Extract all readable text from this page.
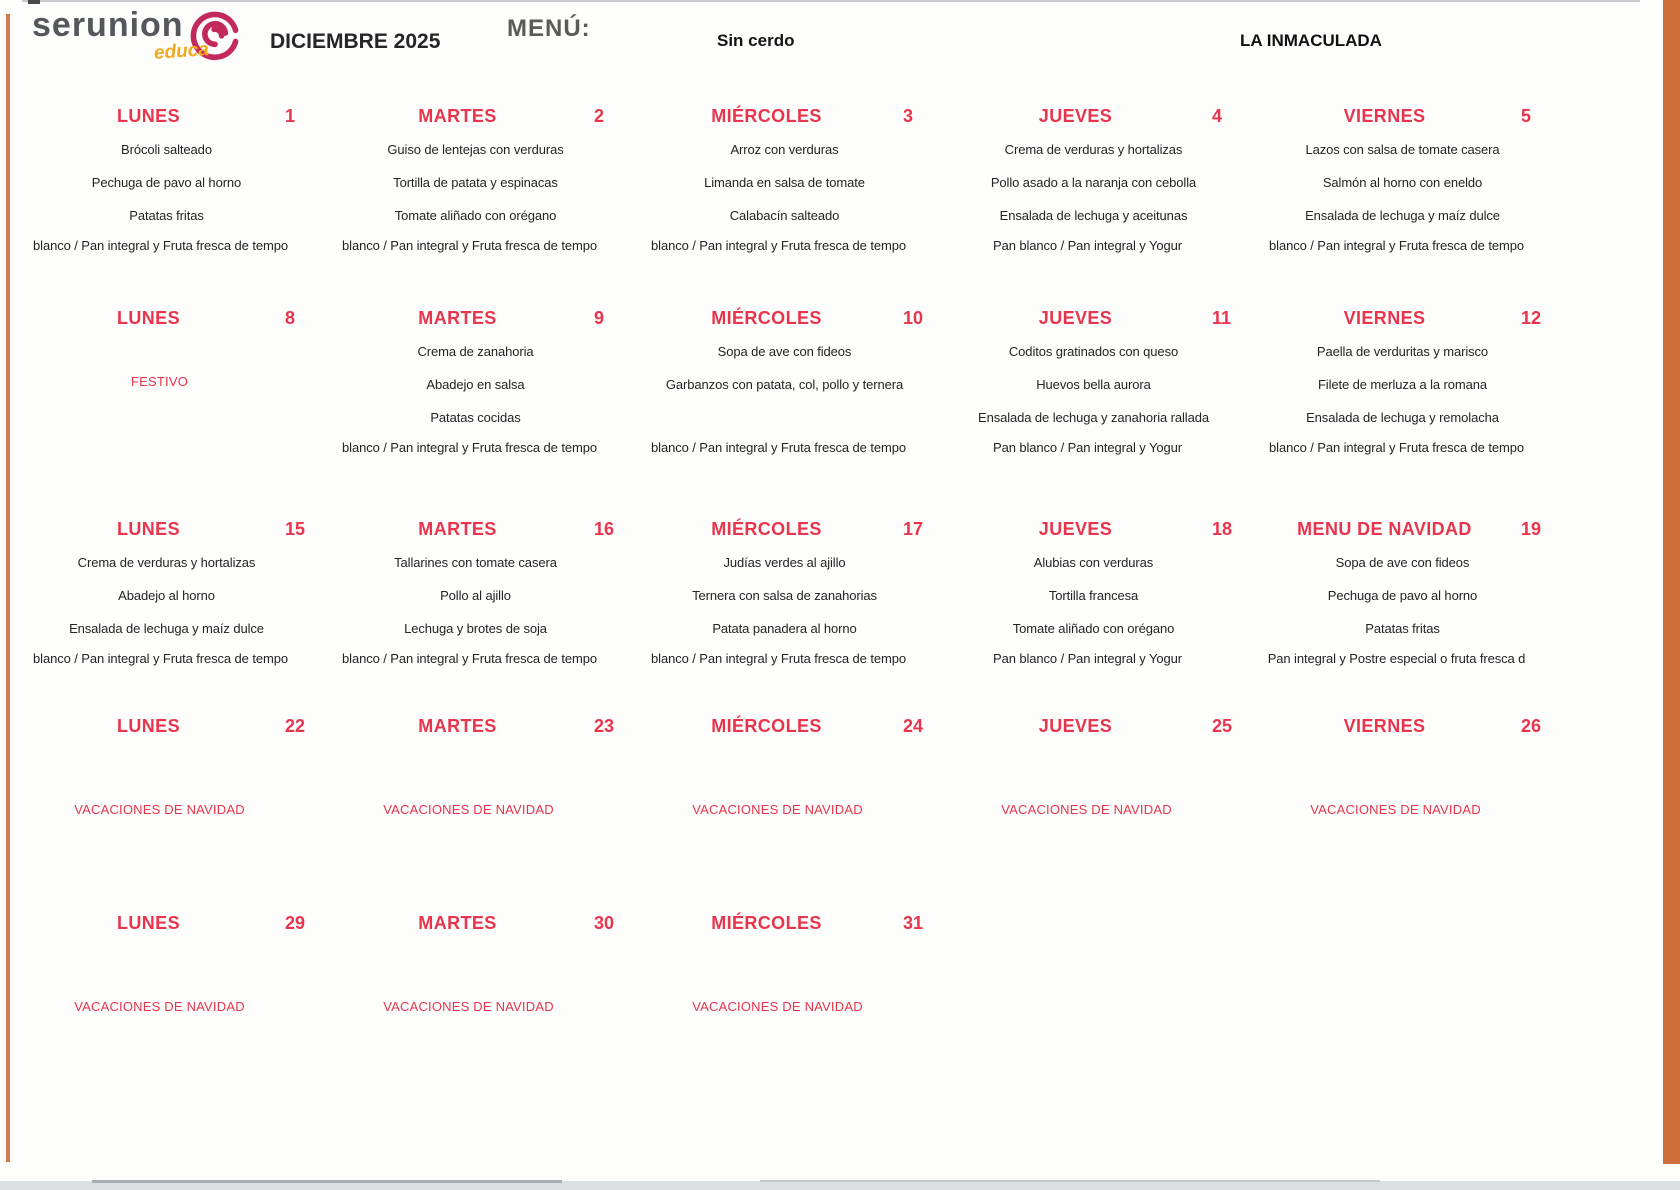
serunion
educa	DICIEMBRE 2025	MENÚ:	Sin cerdo	LA INMACULADA
LUNES	1
Brócoli salteado
Pechuga de pavo al horno
Patatas fritas
blanco / Pan integral y Fruta fresca de tempo
MARTES	2
Guiso de lentejas con verduras
Tortilla de patata y espinacas
Tomate aliñado con orégano
blanco / Pan integral y Fruta fresca de tempo
MIÉRCOLES	3
Arroz con verduras
Limanda en salsa de tomate
Calabacín salteado
blanco / Pan integral y Fruta fresca de tempo
JUEVES	4
Crema de verduras y hortalizas
Pollo asado a la naranja con cebolla
Ensalada de lechuga y aceitunas
Pan blanco / Pan integral y Yogur
VIERNES	5
Lazos con salsa de tomate casera
Salmón al horno con eneldo
Ensalada de lechuga y maíz dulce
blanco / Pan integral y Fruta fresca de tempo
LUNES	8
FESTIVO
MARTES	9
Crema de zanahoria
Abadejo en salsa
Patatas cocidas
blanco / Pan integral y Fruta fresca de tempo
MIÉRCOLES	10
Sopa de ave con fideos
Garbanzos con patata, col, pollo y ternera
blanco / Pan integral y Fruta fresca de tempo
JUEVES	11
Coditos gratinados con queso
Huevos bella aurora
Ensalada de lechuga y zanahoria rallada
Pan blanco / Pan integral y Yogur
VIERNES	12
Paella de verduritas y marisco
Filete de merluza a la romana
Ensalada de lechuga y remolacha
blanco / Pan integral y Fruta fresca de tempo
LUNES	15
Crema de verduras y hortalizas
Abadejo al horno
Ensalada de lechuga y maíz dulce
blanco / Pan integral y Fruta fresca de tempo
MARTES	16
Tallarines con tomate casera
Pollo al ajillo
Lechuga y brotes de soja
blanco / Pan integral y Fruta fresca de tempo
MIÉRCOLES	17
Judías verdes al ajillo
Ternera con salsa de zanahorias
Patata panadera al horno
blanco / Pan integral y Fruta fresca de tempo
JUEVES	18
Alubias con verduras
Tortilla francesa
Tomate aliñado con orégano
Pan blanco / Pan integral y Yogur
MENU DE NAVIDAD	19
Sopa de ave con fideos
Pechuga de pavo al horno
Patatas fritas
Pan integral y Postre especial o fruta fresca d
LUNES	22
VACACIONES DE NAVIDAD
MARTES	23
VACACIONES DE NAVIDAD
MIÉRCOLES	24
VACACIONES DE NAVIDAD
JUEVES	25
VACACIONES DE NAVIDAD
VIERNES	26
VACACIONES DE NAVIDAD
LUNES	29
VACACIONES DE NAVIDAD
MARTES	30
VACACIONES DE NAVIDAD
MIÉRCOLES	31
VACACIONES DE NAVIDAD
